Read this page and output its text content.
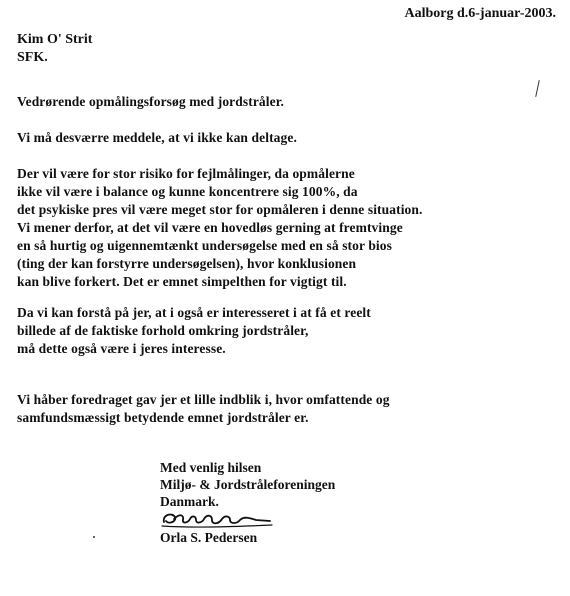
Aalborg d.6-januar-2003.
Kim O' Strit
SFK.
Vedrørende opmålingsforsøg med jordstråler.
Vi må desværre meddele, at vi ikke kan deltage.
Der vil være for stor risiko for fejlmålinger, da opmålerne
ikke vil være i balance og kunne koncentrere sig 100%, da
det psykiske pres vil være meget stor for opmåleren i denne situation.
Vi mener derfor, at det vil være en hovedløs gerning at fremtvinge
en så hurtig og uigennemtænkt undersøgelse med en så stor bios
(ting der kan forstyrre undersøgelsen), hvor konklusionen
kan blive forkert. Det er emnet simpelthen for vigtigt til.
Da vi kan forstå på jer, at i også er interesseret i at få et reelt
billede af de faktiske forhold omkring jordstråler,
må dette også være i jeres interesse.
Vi håber foredraget gav jer et lille indblik i, hvor omfattende og
samfundsmæssigt betydende emnet jordstråler er.
Med venlig hilsen
Miljø- & Jordstråleforeningen
Danmark.
Orla S. Pedersen
